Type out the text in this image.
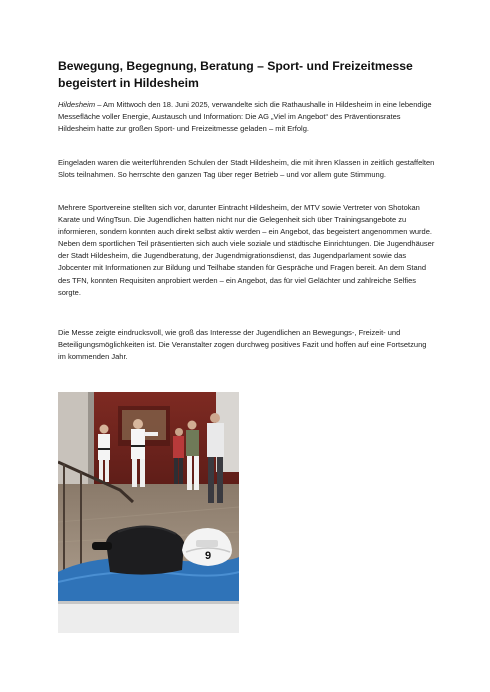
Bewegung, Begegnung, Beratung – Sport- und Freizeitmesse begeistert in Hildesheim

Hildesheim – Am Mittwoch den 18. Juni 2025, verwandelte sich die Rathaushalle in Hildesheim in eine lebendige Messefläche voller Energie, Austausch und Information: Die AG „Viel im Angebot“ des Präventionsrates Hildesheim hatte zur großen Sport- und Freizeitmesse geladen – mit Erfolg.

Eingeladen waren die weiterführenden Schulen der Stadt Hildesheim, die mit ihren Klassen in zeitlich gestaffelten Slots teilnahmen. So herrschte den ganzen Tag über reger Betrieb – und vor allem gute Stimmung.

Mehrere Sportvereine stellten sich vor, darunter Eintracht Hildesheim, der MTV sowie Vertreter von Shotokan Karate und WingTsun. Die Jugendlichen hatten nicht nur die Gelegenheit sich über Trainingsangebote zu informieren, sondern konnten auch direkt selbst aktiv werden – ein Angebot, das begeistert angenommen wurde. Neben dem sportlichen Teil präsentierten sich auch viele soziale und städtische Einrichtungen. Die Jugendhäuser der Stadt Hildesheim, die Jugendberatung, der Jugendmigrationsdienst, das Jugendparlament sowie das Jobcenter mit Informationen zur Bildung und Teilhabe standen für Gespräche und Fragen bereit. An dem Stand des TFN, konnten Requisiten anprobiert werden – ein Angebot, das für viel Gelächter und zahlreiche Selfies sorgte.

Die Messe zeigte eindrucksvoll, wie groß das Interesse der Jugendlichen an Bewegungs-, Freizeit- und Beteiligungsmöglichkeiten ist. Die Veranstalter zogen durchweg positives Fazit und hoffen auf eine Fortsetzung im kommenden Jahr.

9
